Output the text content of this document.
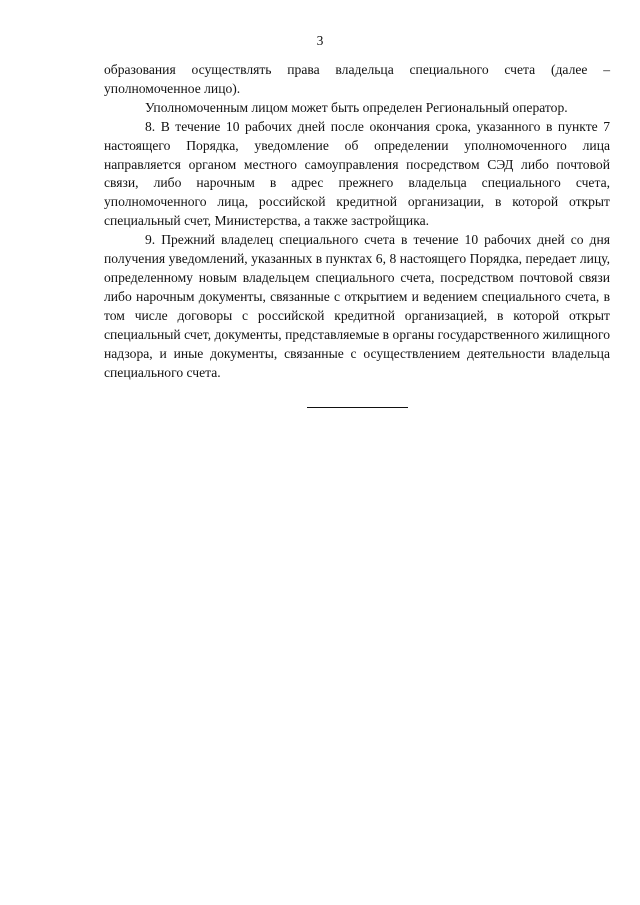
3

образования осуществлять права владельца специального счета (далее – уполномоченное лицо).

Уполномоченным лицом может быть определен Региональный оператор.

8. В течение 10 рабочих дней после окончания срока, указанного в пункте 7 настоящего Порядка, уведомление об определении уполномоченного лица направляется органом местного самоуправления посредством СЭД либо почтовой связи, либо нарочным в адрес прежнего владельца специального счета, уполномоченного лица, российской кредитной организации, в которой открыт специальный счет, Министерства, а также застройщика.

9. Прежний владелец специального счета в течение 10 рабочих дней со дня получения уведомлений, указанных в пунктах 6, 8 настоящего Порядка, передает лицу, определенному новым владельцем специального счета, посредством почтовой связи либо нарочным документы, связанные с открытием и ведением специального счета, в том числе договоры с российской кредитной организацией, в которой открыт специальный счет, документы, представляемые в органы государственного жилищного надзора, и иные документы, связанные с осуществлением деятельности владельца специального счета.
